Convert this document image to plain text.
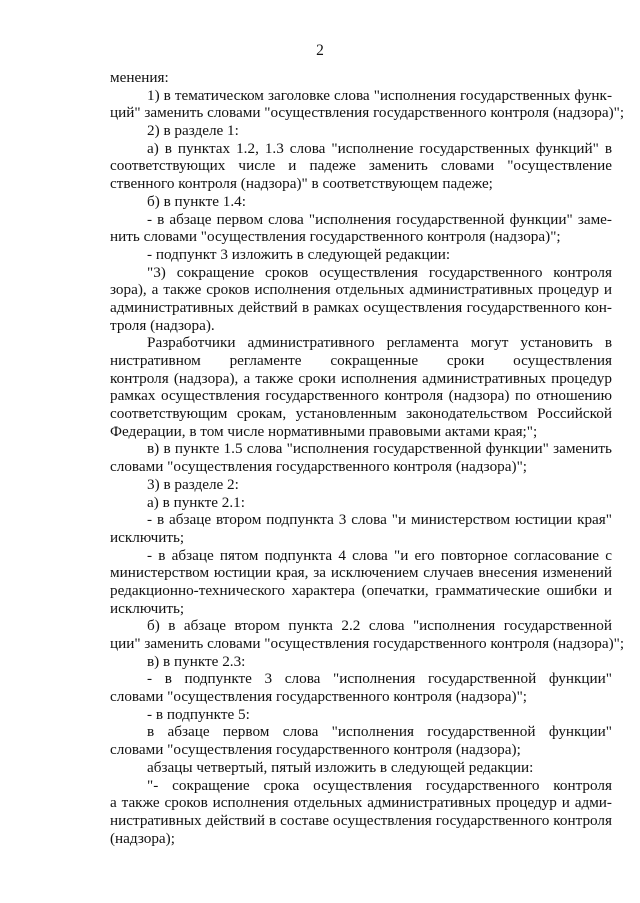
2
менения:
1) в тематическом заголовке слова "исполнения государственных функ-
ций" заменить словами "осуществления государственного контроля (надзора)";
2) в разделе 1:
а) в пунктах 1.2, 1.3 слова "исполнение государственных функций" в
соответствующих числе и падеже заменить словами "осуществление
ственного контроля (надзора)" в соответствующем падеже;
б) в пункте 1.4:
- в абзаце первом слова "исполнения государственной функции" заме-
нить словами "осуществления государственного контроля (надзора)";
- подпункт 3 изложить в следующей редакции:
"3) сокращение сроков осуществления государственного контроля
зора), а также сроков исполнения отдельных административных процедур и
административных действий в рамках осуществления государственного кон-
троля (надзора).
Разработчики административного регламента могут установить в
нистративном регламенте сокращенные сроки осуществления
контроля (надзора), а также сроки исполнения административных процедур
рамках осуществления государственного контроля (надзора) по отношению
соответствующим срокам, установленным законодательством Российской
Федерации, в том числе нормативными правовыми актами края;";
в) в пункте 1.5 слова "исполнения государственной функции" заменить
словами "осуществления государственного контроля (надзора)";
3) в разделе 2:
а) в пункте 2.1:
- в абзаце втором подпункта 3 слова "и министерством юстиции края"
исключить;
- в абзаце пятом подпункта 4 слова "и его повторное согласование с
министерством юстиции края, за исключением случаев внесения изменений
редакционно-технического характера (опечатки, грамматические ошибки и
исключить;
б) в абзаце втором пункта 2.2 слова "исполнения государственной
ции" заменить словами "осуществления государственного контроля (надзора)";
в) в пункте 2.3:
- в подпункте 3 слова "исполнения государственной функции"
словами "осуществления государственного контроля (надзора)";
- в подпункте 5:
в абзаце первом слова "исполнения государственной функции"
словами "осуществления государственного контроля (надзора);
абзацы четвертый, пятый изложить в следующей редакции:
"- сокращение срока осуществления государственного контроля
а также сроков исполнения отдельных административных процедур и адми-
нистративных действий в составе осуществления государственного контроля
(надзора);
